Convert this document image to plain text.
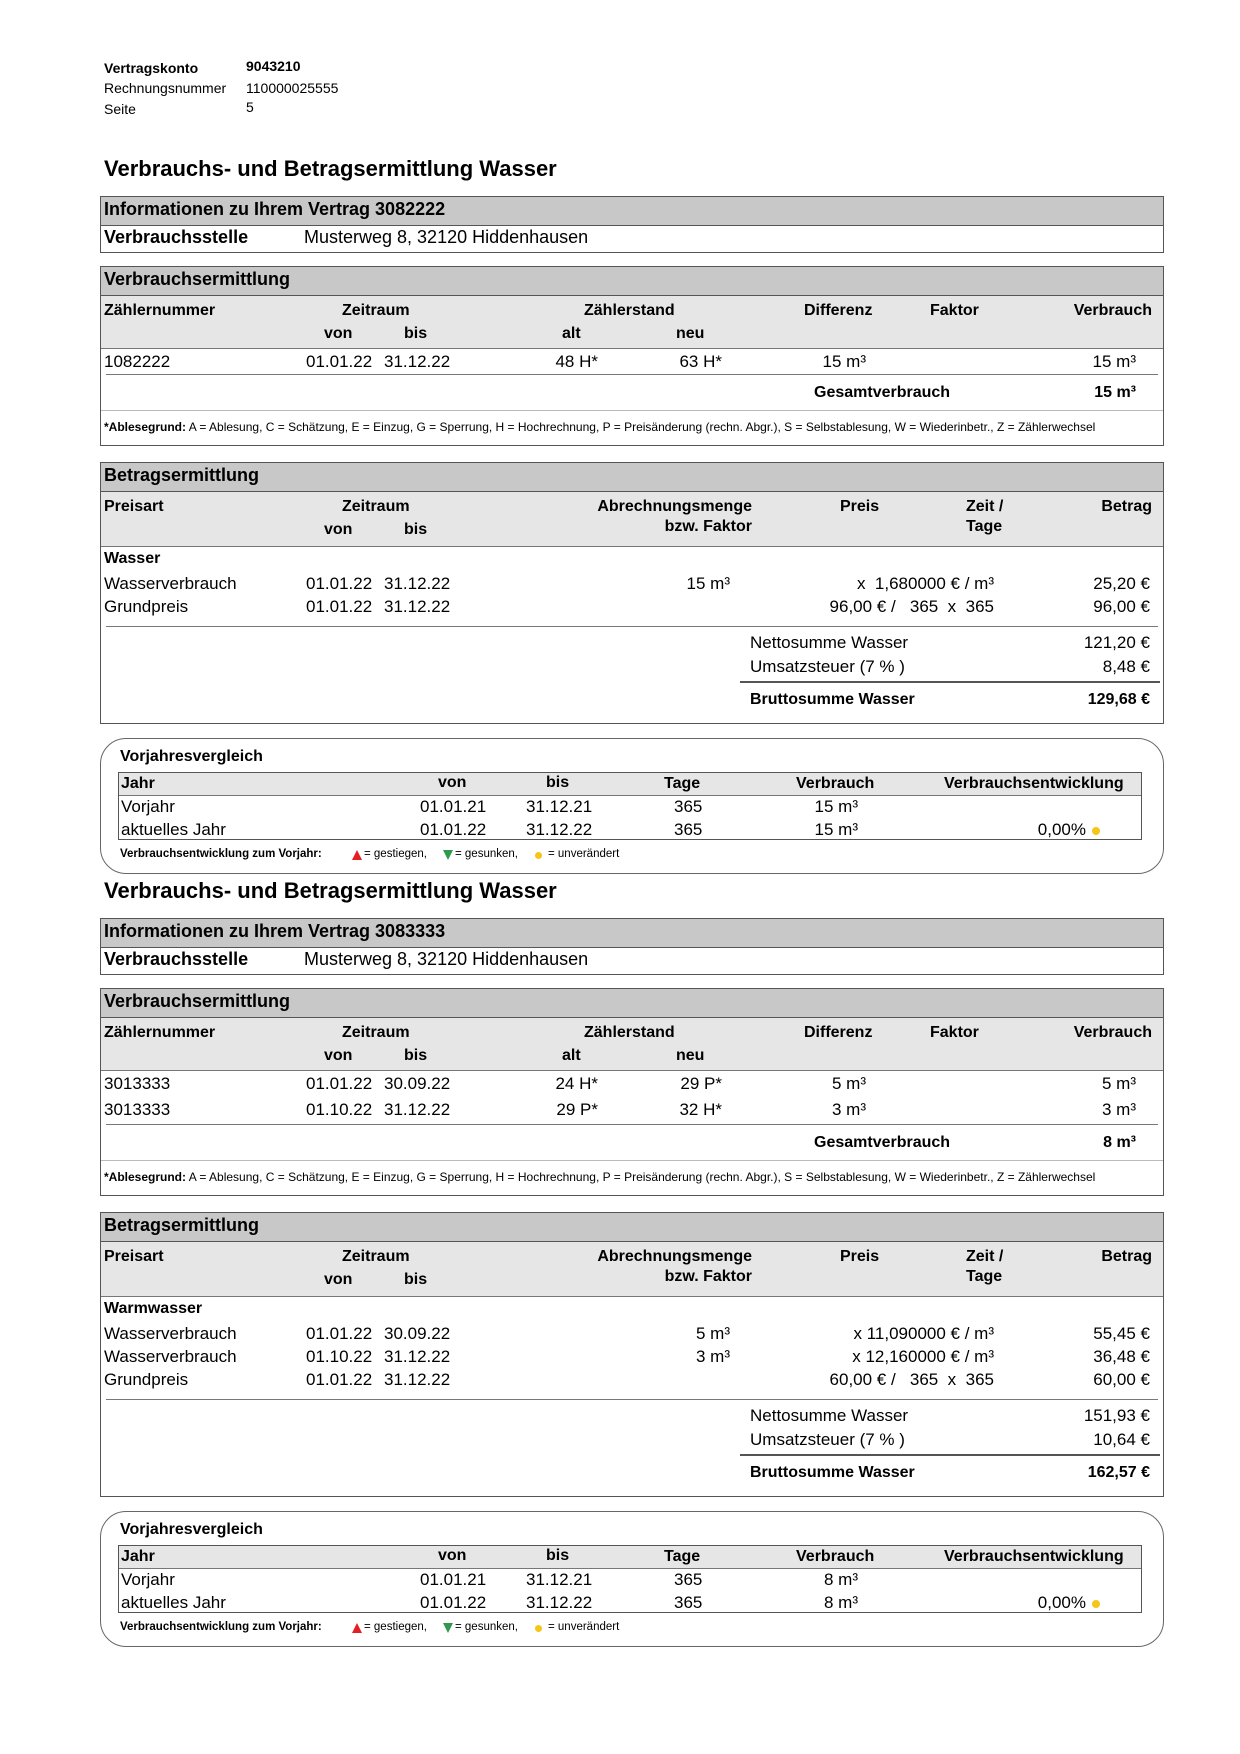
Vertragskonto	9043210
Rechnungsnummer 110000025555
Seite	5
Verbrauchs- und Betragsermittlung Wasser
Informationen zu Ihrem Vertrag 3082222
Verbrauchsstelle	Musterweg 8, 32120 Hiddenhausen
Verbrauchsermittlung
Zählernummer	Zeitraum
von	bis
Zählerstand
alt	neu
Differenz	Faktor	Verbrauch
1082222	01.01.22 31.12.22	48 H*	63 H*	15 m³	15 m³
Gesamtverbrauch	15 m³
*Ablesegrund: A = Ablesung, C = Schätzung, E = Einzug, G = Sperrung, H = Hochrechnung, P = Preisänderung (rechn. Abgr.), S = Selbstablesung, W = Wiederinbetr., Z = Zählerwechsel
Betragsermittlung
Preisart	Zeitraum
von	bis
Abrechnungsmenge
bzw. Faktor
Preis	Zeit /
Tage
Betrag
Wasser
Wasserverbrauch	01.01.22 31.12.22	15 m³	x  1,680000 € / m³	25,20 €
Grundpreis	01.01.22 31.12.22	96,00 € /   365  x  365	96,00 €
Nettosumme Wasser	121,20 €
Umsatzsteuer (7 % )	8,48 €
Bruttosumme Wasser	129,68 €
Vorjahresvergleich
Jahr	von	bis	Tage	Verbrauch	Verbrauchsentwicklung
Vorjahr	01.01.21 31.12.21	365	15 m³
aktuelles Jahr	01.01.22 31.12.22	365	15 m³	0,00%
Verbrauchsentwicklung zum Vorjahr:	= gestiegen, = gesunken,	= unverändert
Verbrauchs- und Betragsermittlung Wasser
Informationen zu Ihrem Vertrag 3083333
Verbrauchsstelle	Musterweg 8, 32120 Hiddenhausen
Verbrauchsermittlung
Zählernummer	Zeitraum
von	bis
Zählerstand
alt	neu
Differenz	Faktor	Verbrauch
3013333	01.01.22 30.09.22	24 H*	29 P*	5 m³	5 m³
3013333	01.10.22 31.12.22	29 P*	32 H*	3 m³	3 m³
Gesamtverbrauch	8 m³
*Ablesegrund: A = Ablesung, C = Schätzung, E = Einzug, G = Sperrung, H = Hochrechnung, P = Preisänderung (rechn. Abgr.), S = Selbstablesung, W = Wiederinbetr., Z = Zählerwechsel
Betragsermittlung
Preisart	Zeitraum
von	bis
Abrechnungsmenge
bzw. Faktor
Preis	Zeit /
Tage
Betrag
Warmwasser
Wasserverbrauch	01.01.22 30.09.22	5 m³	x 11,090000 € / m³	55,45 €
Wasserverbrauch	01.10.22 31.12.22	3 m³	x 12,160000 € / m³	36,48 €
Grundpreis	01.01.22 31.12.22	60,00 € /   365  x  365	60,00 €
Nettosumme Wasser	151,93 €
Umsatzsteuer (7 % )	10,64 €
Bruttosumme Wasser	162,57 €
Vorjahresvergleich
Jahr	von	bis	Tage	Verbrauch	Verbrauchsentwicklung
Vorjahr	01.01.21 31.12.21	365	8 m³
aktuelles Jahr	01.01.22 31.12.22	365	8 m³	0,00%
Verbrauchsentwicklung zum Vorjahr:	= gestiegen, = gesunken,	= unverändert
